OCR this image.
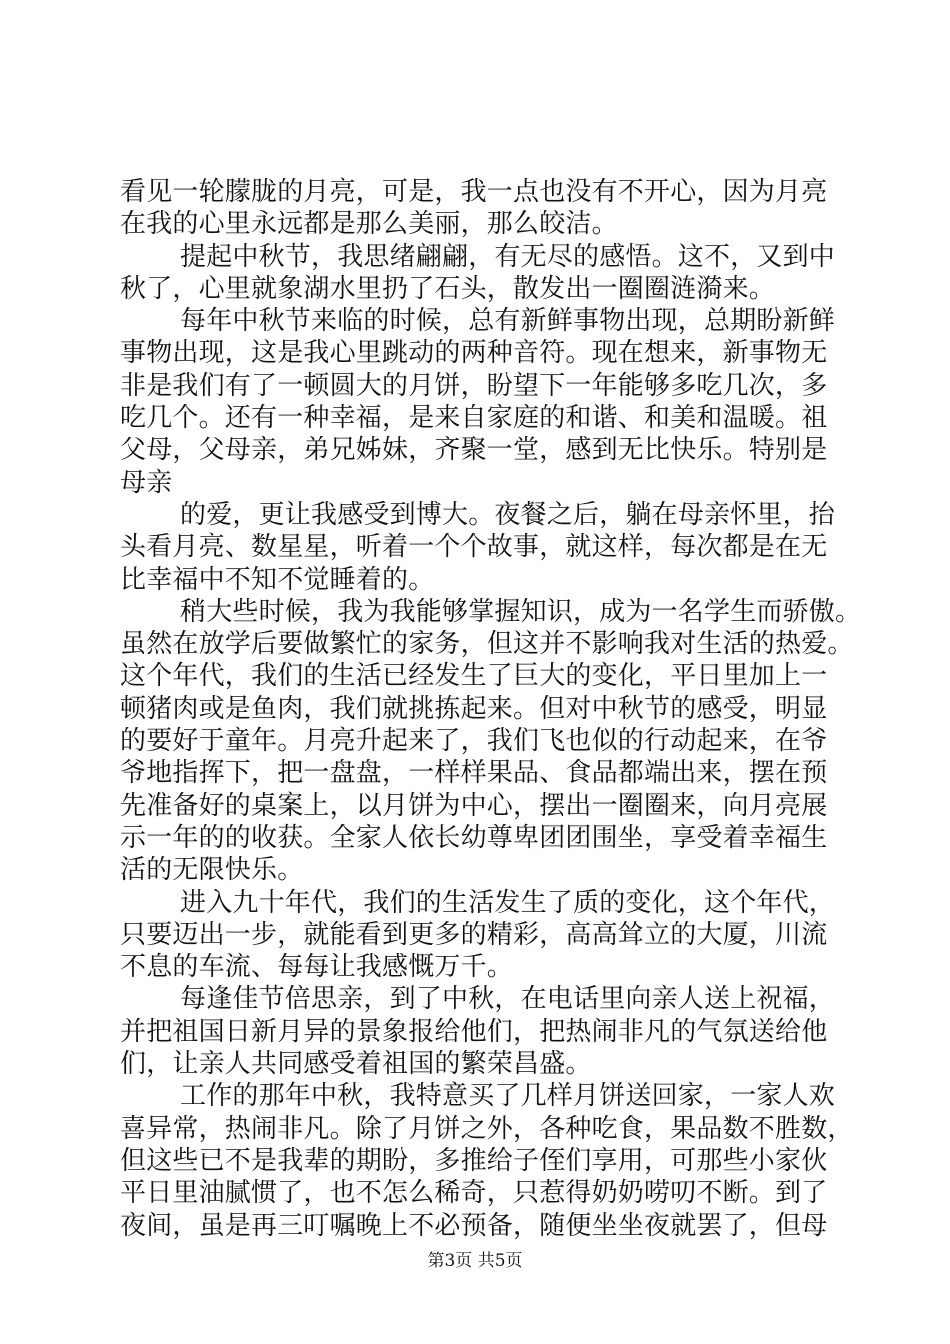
看见一轮朦胧的月亮，可是，我一点也没有不开心，因为月亮
在我的心里永远都是那么美丽，那么皎洁。
提起中秋节，我思绪翩翩，有无尽的感悟。这不，又到中
秋了，心里就象湖水里扔了石头，散发出一圈圈涟漪来。
每年中秋节来临的时候，总有新鲜事物出现，总期盼新鲜
事物出现，这是我心里跳动的两种音符。现在想来，新事物无
非是我们有了一顿圆大的月饼，盼望下一年能够多吃几次，多
吃几个。还有一种幸福，是来自家庭的和谐、和美和温暖。祖
父母，父母亲，弟兄姊妹，齐聚一堂，感到无比快乐。特别是
母亲
的爱，更让我感受到博大。夜餐之后，躺在母亲怀里，抬
头看月亮、数星星，听着一个个故事，就这样，每次都是在无
比幸福中不知不觉睡着的。
稍大些时候，我为我能够掌握知识，成为一名学生而骄傲。
虽然在放学后要做繁忙的家务，但这并不影响我对生活的热爱。
这个年代，我们的生活已经发生了巨大的变化，平日里加上一
顿猪肉或是鱼肉，我们就挑拣起来。但对中秋节的感受，明显
的要好于童年。月亮升起来了，我们飞也似的行动起来，在爷
爷地指挥下，把一盘盘，一样样果品、食品都端出来，摆在预
先准备好的桌案上，以月饼为中心，摆出一圈圈来，向月亮展
示一年的的收获。全家人依长幼尊卑团团围坐，享受着幸福生
活的无限快乐。
进入九十年代，我们的生活发生了质的变化，这个年代，
只要迈出一步，就能看到更多的精彩，高高耸立的大厦，川流
不息的车流、每每让我感慨万千。
每逢佳节倍思亲，到了中秋，在电话里向亲人送上祝福，
并把祖国日新月异的景象报给他们，把热闹非凡的气氛送给他
们，让亲人共同感受着祖国的繁荣昌盛。
工作的那年中秋，我特意买了几样月饼送回家，一家人欢
喜异常，热闹非凡。除了月饼之外，各种吃食，果品数不胜数，
但这些已不是我辈的期盼，多推给子侄们享用，可那些小家伙
平日里油腻惯了，也不怎么稀奇，只惹得奶奶唠叨不断。到了
夜间，虽是再三叮嘱晚上不必预备，随便坐坐夜就罢了，但母
第3页 共5页
